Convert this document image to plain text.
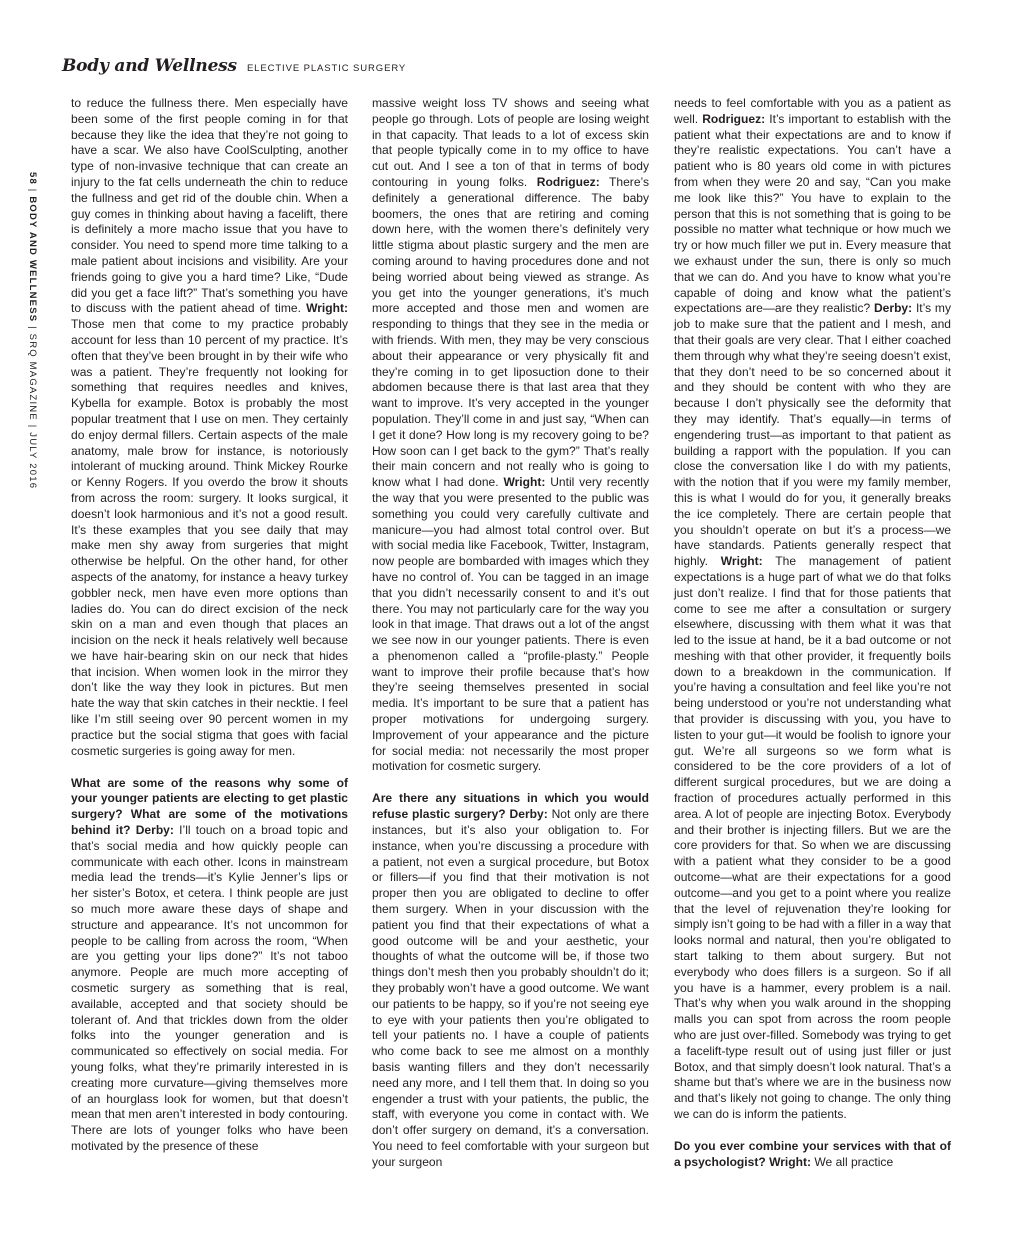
Body and Wellness ELECTIVE PLASTIC SURGERY
58 | BODY AND WELLNESS | SRQ MAGAZINE | JULY 2016

to reduce the fullness there. Men especially have been some of the first people coming in for that because they like the idea that they’re not going to have a scar. We also have CoolSculpting, another type of non-invasive technique that can create an injury to the fat cells underneath the chin to reduce the fullness and get rid of the double chin. When a guy comes in thinking about having a facelift, there is definitely a more macho issue that you have to consider. You need to spend more time talking to a male patient about incisions and visibility. Are your friends going to give you a hard time? Like, “Dude did you get a face lift?” That’s something you have to discuss with the patient ahead of time. Wright: Those men that come to my practice probably account for less than 10 percent of my practice. It’s often that they’ve been brought in by their wife who was a patient. They’re frequently not looking for something that requires needles and knives, Kybella for example. Botox is probably the most popular treatment that I use on men. They certainly do enjoy dermal fillers. Certain aspects of the male anatomy, male brow for instance, is notoriously intolerant of mucking around. Think Mickey Rourke or Kenny Rogers. If you overdo the brow it shouts from across the room: surgery. It looks surgical, it doesn’t look harmonious and it’s not a good result. It’s these examples that you see daily that may make men shy away from surgeries that might otherwise be helpful. On the other hand, for other aspects of the anatomy, for instance a heavy turkey gobbler neck, men have even more options than ladies do. You can do direct excision of the neck skin on a man and even though that places an incision on the neck it heals relatively well because we have hair-bearing skin on our neck that hides that incision. When women look in the mirror they don’t like the way they look in pictures. But men hate the way that skin catches in their necktie. I feel like I’m still seeing over 90 percent women in my practice but the social stigma that goes with facial cosmetic surgeries is going away for men.

What are some of the reasons why some of your younger patients are electing to get plastic surgery? What are some of the motivations behind it? Derby: I’ll touch on a broad topic and that’s social media and how quickly people can communicate with each other. Icons in mainstream media lead the trends—it’s Kylie Jenner’s lips or her sister’s Botox, et cetera. I think people are just so much more aware these days of shape and structure and appearance. It’s not uncommon for people to be calling from across the room, “When are you getting your lips done?” It’s not taboo anymore. People are much more accepting of cosmetic surgery as something that is real, available, accepted and that society should be tolerant of. And that trickles down from the older folks into the younger generation and is communicated so effectively on social media. For young folks, what they’re primarily interested in is creating more curvature—giving themselves more of an hourglass look for women, but that doesn’t mean that men aren’t interested in body contouring. There are lots of younger folks who have been motivated by the presence of these

massive weight loss TV shows and seeing what people go through. Lots of people are losing weight in that capacity. That leads to a lot of excess skin that people typically come in to my office to have cut out. And I see a ton of that in terms of body contouring in young folks. Rodriguez: There’s definitely a generational difference. The baby boomers, the ones that are retiring and coming down here, with the women there’s definitely very little stigma about plastic surgery and the men are coming around to having procedures done and not being worried about being viewed as strange. As you get into the younger generations, it’s much more accepted and those men and women are responding to things that they see in the media or with friends. With men, they may be very conscious about their appearance or very physically fit and they’re coming in to get liposuction done to their abdomen because there is that last area that they want to improve. It’s very accepted in the younger population. They’ll come in and just say, “When can I get it done? How long is my recovery going to be? How soon can I get back to the gym?” That’s really their main concern and not really who is going to know what I had done. Wright: Until very recently the way that you were presented to the public was something you could very carefully cultivate and manicure—you had almost total control over. But with social media like Facebook, Twitter, Instagram, now people are bombarded with images which they have no control of. You can be tagged in an image that you didn’t necessarily consent to and it’s out there. You may not particularly care for the way you look in that image. That draws out a lot of the angst we see now in our younger patients. There is even a phenomenon called a “profile-plasty.” People want to improve their profile because that’s how they’re seeing themselves presented in social media. It’s important to be sure that a patient has proper motivations for undergoing surgery. Improvement of your appearance and the picture for social media: not necessarily the most proper motivation for cosmetic surgery.

Are there any situations in which you would refuse plastic surgery? Derby: Not only are there instances, but it’s also your obligation to. For instance, when you’re discussing a procedure with a patient, not even a surgical procedure, but Botox or fillers—if you find that their motivation is not proper then you are obligated to decline to offer them surgery. When in your discussion with the patient you find that their expectations of what a good outcome will be and your aesthetic, your thoughts of what the outcome will be, if those two things don’t mesh then you probably shouldn’t do it; they probably won’t have a good outcome. We want our patients to be happy, so if you’re not seeing eye to eye with your patients then you’re obligated to tell your patients no. I have a couple of patients who come back to see me almost on a monthly basis wanting fillers and they don’t necessarily need any more, and I tell them that. In doing so you engender a trust with your patients, the public, the staff, with everyone you come in contact with. We don’t offer surgery on demand, it’s a conversation. You need to feel comfortable with your surgeon but your surgeon

needs to feel comfortable with you as a patient as well. Rodriguez: It’s important to establish with the patient what their expectations are and to know if they’re realistic expectations. You can’t have a patient who is 80 years old come in with pictures from when they were 20 and say, “Can you make me look like this?” You have to explain to the person that this is not something that is going to be possible no matter what technique or how much we try or how much filler we put in. Every measure that we exhaust under the sun, there is only so much that we can do. And you have to know what you’re capable of doing and know what the patient’s expectations are—are they realistic? Derby: It’s my job to make sure that the patient and I mesh, and that their goals are very clear. That I either coached them through why what they’re seeing doesn’t exist, that they don’t need to be so concerned about it and they should be content with who they are because I don’t physically see the deformity that they may identify. That’s equally—in terms of engendering trust—as important to that patient as building a rapport with the population. If you can close the conversation like I do with my patients, with the notion that if you were my family member, this is what I would do for you, it generally breaks the ice completely. There are certain people that you shouldn’t operate on but it’s a process—we have standards. Patients generally respect that highly. Wright: The management of patient expectations is a huge part of what we do that folks just don’t realize. I find that for those patients that come to see me after a consultation or surgery elsewhere, discussing with them what it was that led to the issue at hand, be it a bad outcome or not meshing with that other provider, it frequently boils down to a breakdown in the communication. If you’re having a consultation and feel like you’re not being understood or you’re not understanding what that provider is discussing with you, you have to listen to your gut—it would be foolish to ignore your gut. We’re all surgeons so we form what is considered to be the core providers of a lot of different surgical procedures, but we are doing a fraction of procedures actually performed in this area. A lot of people are injecting Botox. Everybody and their brother is injecting fillers. But we are the core providers for that. So when we are discussing with a patient what they consider to be a good outcome—what are their expectations for a good outcome—and you get to a point where you realize that the level of rejuvenation they’re looking for simply isn’t going to be had with a filler in a way that looks normal and natural, then you’re obligated to start talking to them about surgery. But not everybody who does fillers is a surgeon. So if all you have is a hammer, every problem is a nail. That’s why when you walk around in the shopping malls you can spot from across the room people who are just over-filled. Somebody was trying to get a facelift-type result out of using just filler or just Botox, and that simply doesn’t look natural. That’s a shame but that’s where we are in the business now and that’s likely not going to change. The only thing we can do is inform the patients.

Do you ever combine your services with that of a psychologist? Wright: We all practice
